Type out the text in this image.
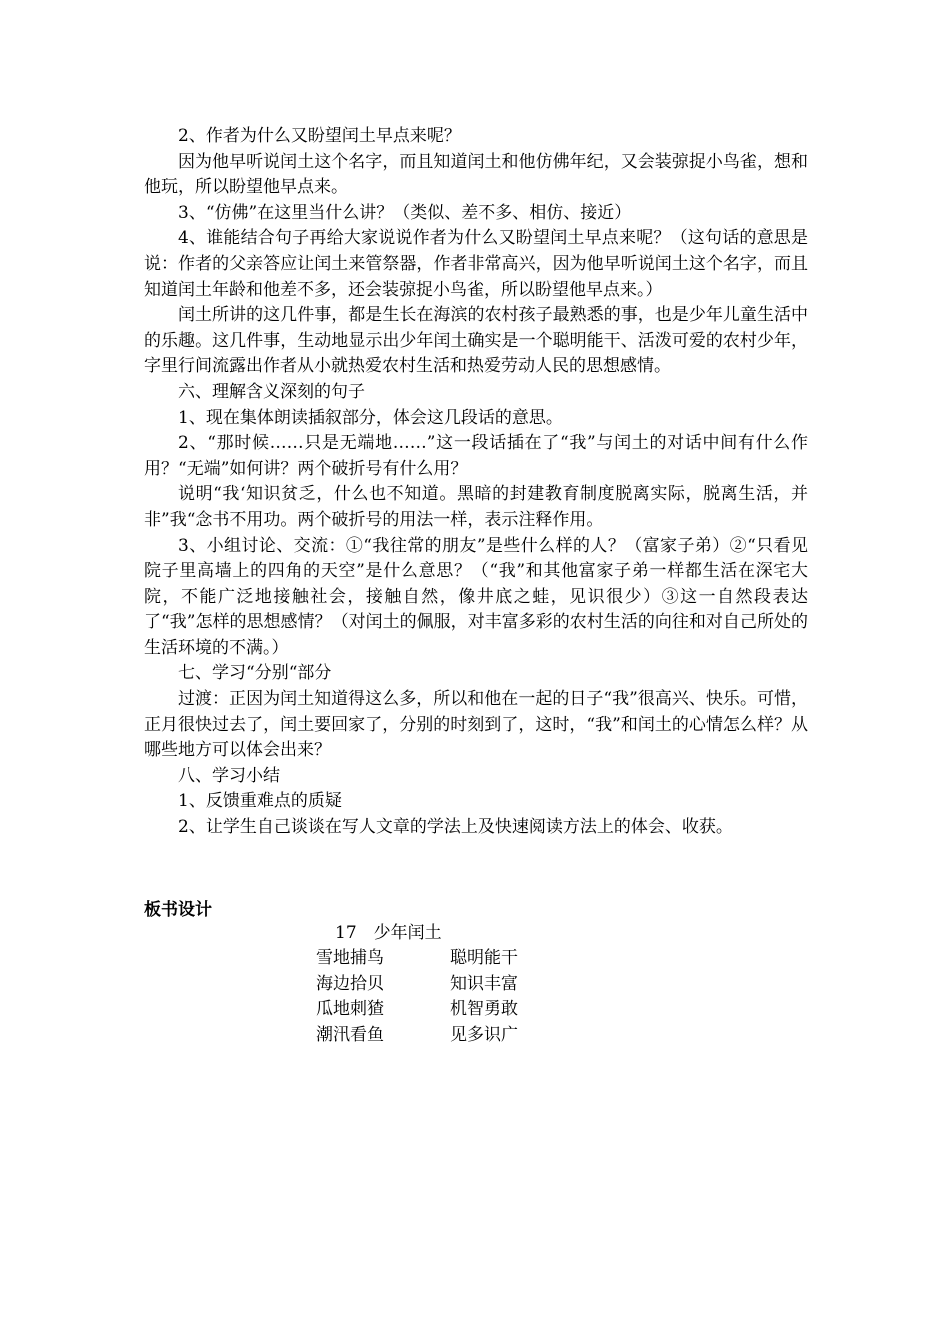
2、作者为什么又盼望闰土早点来呢？

因为他早听说闰土这个名字，而且知道闰土和他仿佛年纪，又会装弶捉小鸟雀，想和他玩，所以盼望他早点来。

3、“仿佛”在这里当什么讲？（类似、差不多、相仿、接近）

4、谁能结合句子再给大家说说作者为什么又盼望闰土早点来呢？（这句话的意思是说：作者的父亲答应让闰土来管祭器，作者非常高兴，因为他早听说闰土这个名字，而且知道闰土年龄和他差不多，还会装弶捉小鸟雀，所以盼望他早点来。）

闰土所讲的这几件事，都是生长在海滨的农村孩子最熟悉的事，也是少年儿童生活中的乐趣。这几件事，生动地显示出少年闰土确实是一个聪明能干、活泼可爱的农村少年，字里行间流露出作者从小就热爱农村生活和热爱劳动人民的思想感情。

六、理解含义深刻的句子

1、现在集体朗读插叙部分，体会这几段话的意思。

2、“那时候……只是无端地……”这一段话插在了“我”与闰土的对话中间有什么作用？“无端”如何讲？两个破折号有什么用？

说明“我‘知识贫乏，什么也不知道。黑暗的封建教育制度脱离实际，脱离生活，并非”我“念书不用功。两个破折号的用法一样，表示注释作用。

3、小组讨论、交流：①“我往常的朋友”是些什么样的人？（富家子弟）②“只看见院子里高墙上的四角的天空”是什么意思？（“我”和其他富家子弟一样都生活在深宅大院，不能广泛地接触社会，接触自然，像井底之蛙，见识很少）③这一自然段表达了“我”怎样的思想感情？（对闰土的佩服，对丰富多彩的农村生活的向往和对自己所处的生活环境的不满。）

七、学习“分别“部分

过渡：正因为闰土知道得这么多，所以和他在一起的日子“我”很高兴、快乐。可惜，正月很快过去了，闰土要回家了，分别的时刻到了，这时，“我”和闰土的心情怎么样？从哪些地方可以体会出来？

八、学习小结

1、反馈重难点的质疑

2、让学生自己谈谈在写人文章的学法上及快速阅读方法上的体会、收获。

板书设计
17　少年闰土
雪地捕鸟	聪明能干
海边拾贝	知识丰富
瓜地刺猹	机智勇敢
潮汛看鱼	见多识广
